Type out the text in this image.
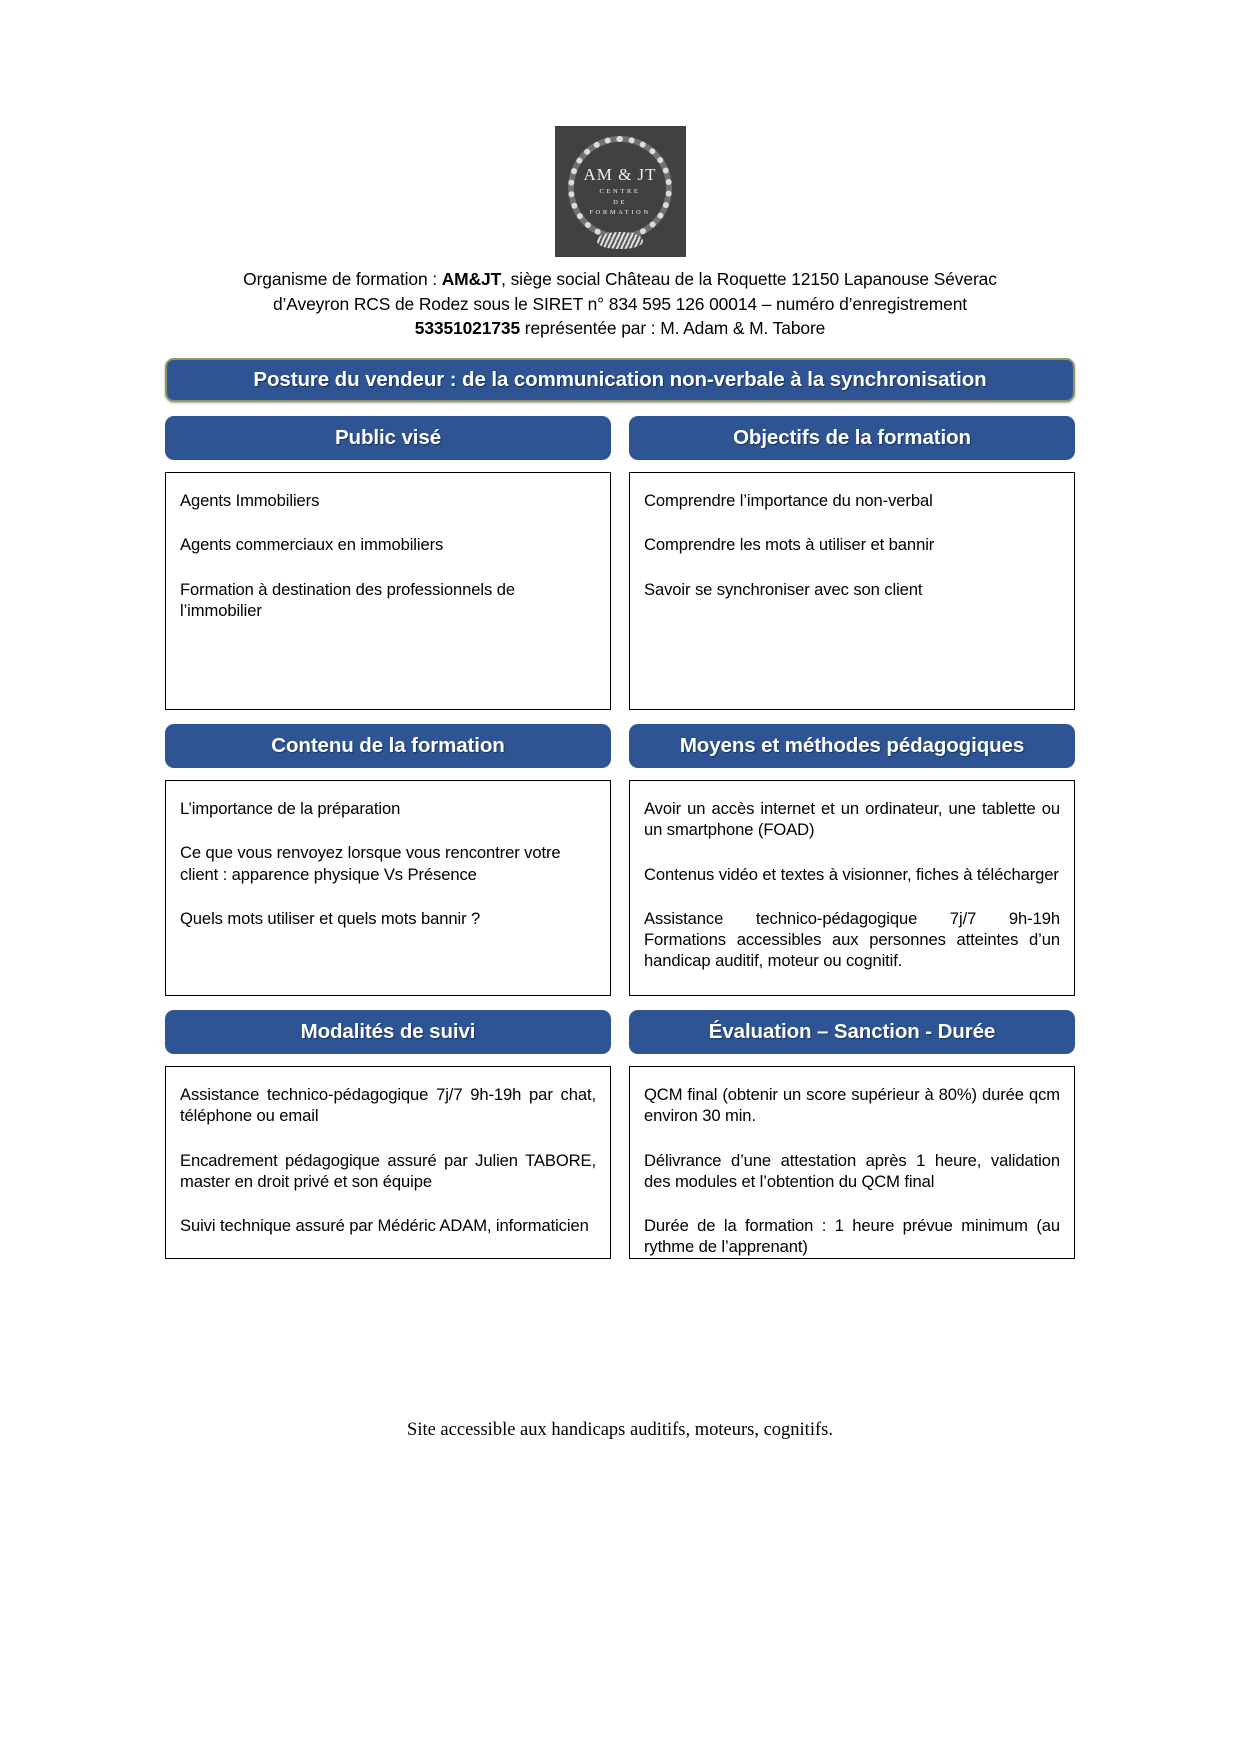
AM & JT
CENTRE
DE
FORMATION
Organisme de formation : AM&JT, siège social Château de la Roquette 12150 Lapanouse Séverac
d’Aveyron RCS de Rodez sous le SIRET n° 834 595 126 00014 – numéro d’enregistrement
53351021735 représentée par : M. Adam & M. Tabore
Posture du vendeur : de la communication non-verbale à la synchronisation
Public visé

Agents Immobiliers

Agents commerciaux en immobiliers

Formation à destination des professionnels de l’immobilier

Objectifs de la formation

Comprendre l’importance du non-verbal

Comprendre les mots à utiliser et bannir

Savoir se synchroniser avec son client

Contenu de la formation

L’importance de la préparation

Ce que vous renvoyez lorsque vous rencontrer votre client : apparence physique Vs Présence

Quels mots utiliser et quels mots bannir ?

Moyens et méthodes pédagogiques

Avoir un accès internet et un ordinateur, une tablette ou un smartphone (FOAD)

Contenus vidéo et textes à visionner, fiches à télécharger

Assistance technico-pédagogique 7j/7 9h-19h Formations accessibles aux personnes atteintes d’un handicap auditif, moteur ou cognitif.

Modalités de suivi

Assistance technico-pédagogique 7j/7 9h-19h par chat, téléphone ou email

Encadrement pédagogique assuré par Julien TABORE, master en droit privé et son équipe

Suivi technique assuré par Médéric ADAM, informaticien

Évaluation – Sanction - Durée

QCM final (obtenir un score supérieur à 80%) durée qcm environ 30 min.

Délivrance d’une attestation après 1 heure, validation des modules et l’obtention du QCM final

Durée de la formation : 1 heure prévue minimum (au rythme de l’apprenant)

Site accessible aux handicaps auditifs, moteurs, cognitifs.
